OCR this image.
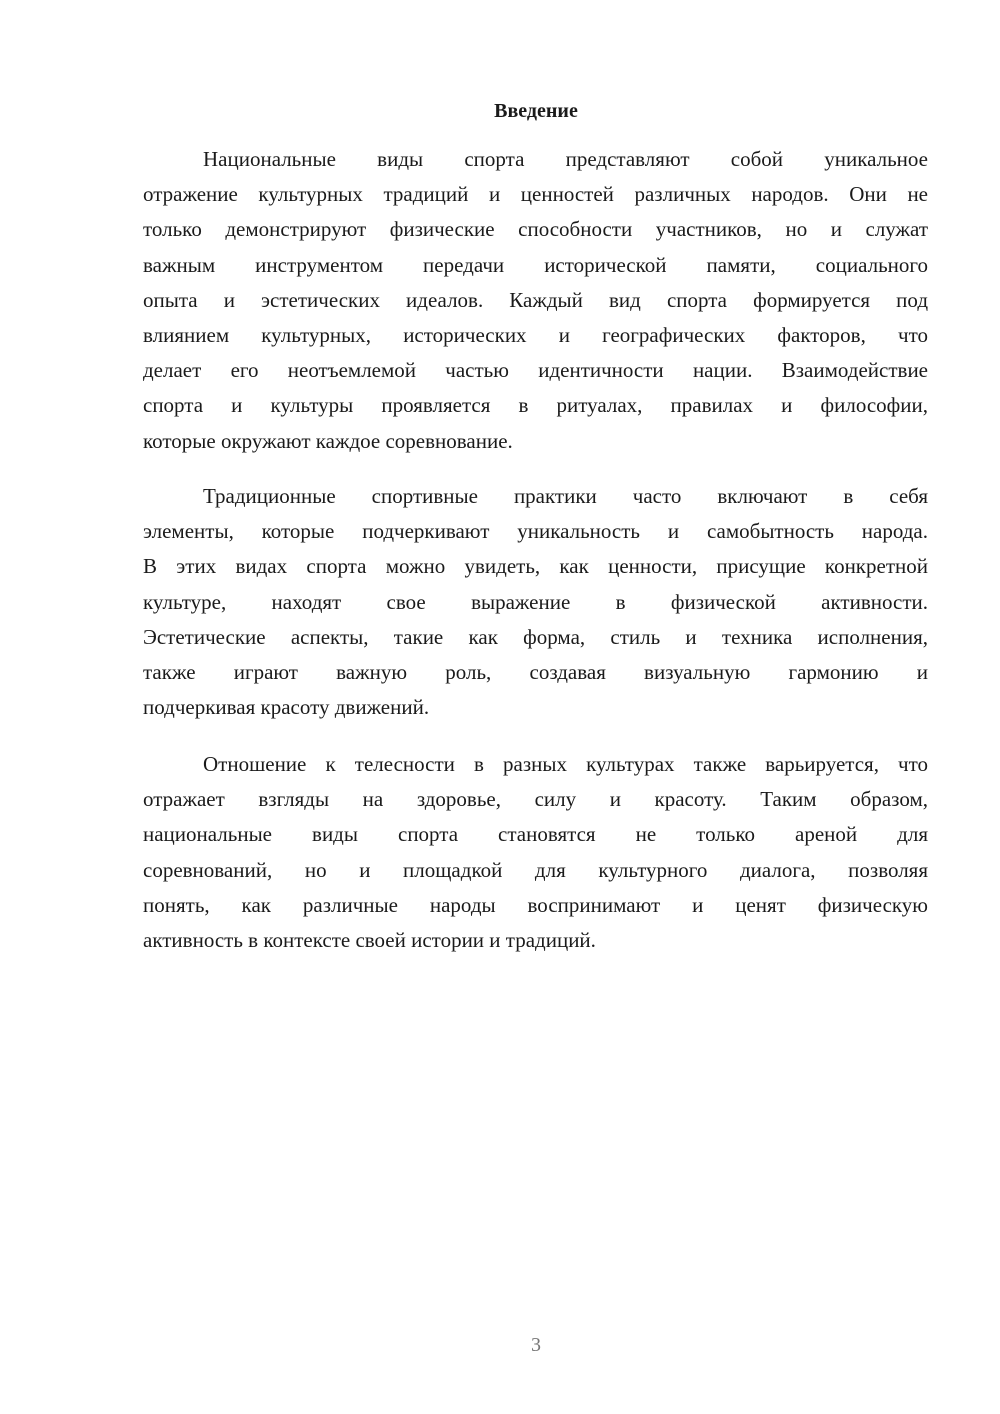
Введение
Национальные виды спорта представляют собой уникальное
отражение культурных традиций и ценностей различных народов. Они не
только демонстрируют физические способности участников, но и служат
важным инструментом передачи исторической памяти, социального
опыта и эстетических идеалов. Каждый вид спорта формируется под
влиянием культурных, исторических и географических факторов, что
делает его неотъемлемой частью идентичности нации. Взаимодействие
спорта и культуры проявляется в ритуалах, правилах и философии,
которые окружают каждое соревнование.
Традиционные спортивные практики часто включают в себя
элементы, которые подчеркивают уникальность и самобытность народа.
В этих видах спорта можно увидеть, как ценности, присущие конкретной
культуре, находят свое выражение в физической активности.
Эстетические аспекты, такие как форма, стиль и техника исполнения,
также играют важную роль, создавая визуальную гармонию и
подчеркивая красоту движений.
Отношение к телесности в разных культурах также варьируется, что
отражает взгляды на здоровье, силу и красоту. Таким образом,
национальные виды спорта становятся не только ареной для
соревнований, но и площадкой для культурного диалога, позволяя
понять, как различные народы воспринимают и ценят физическую
активность в контексте своей истории и традиций.
3
